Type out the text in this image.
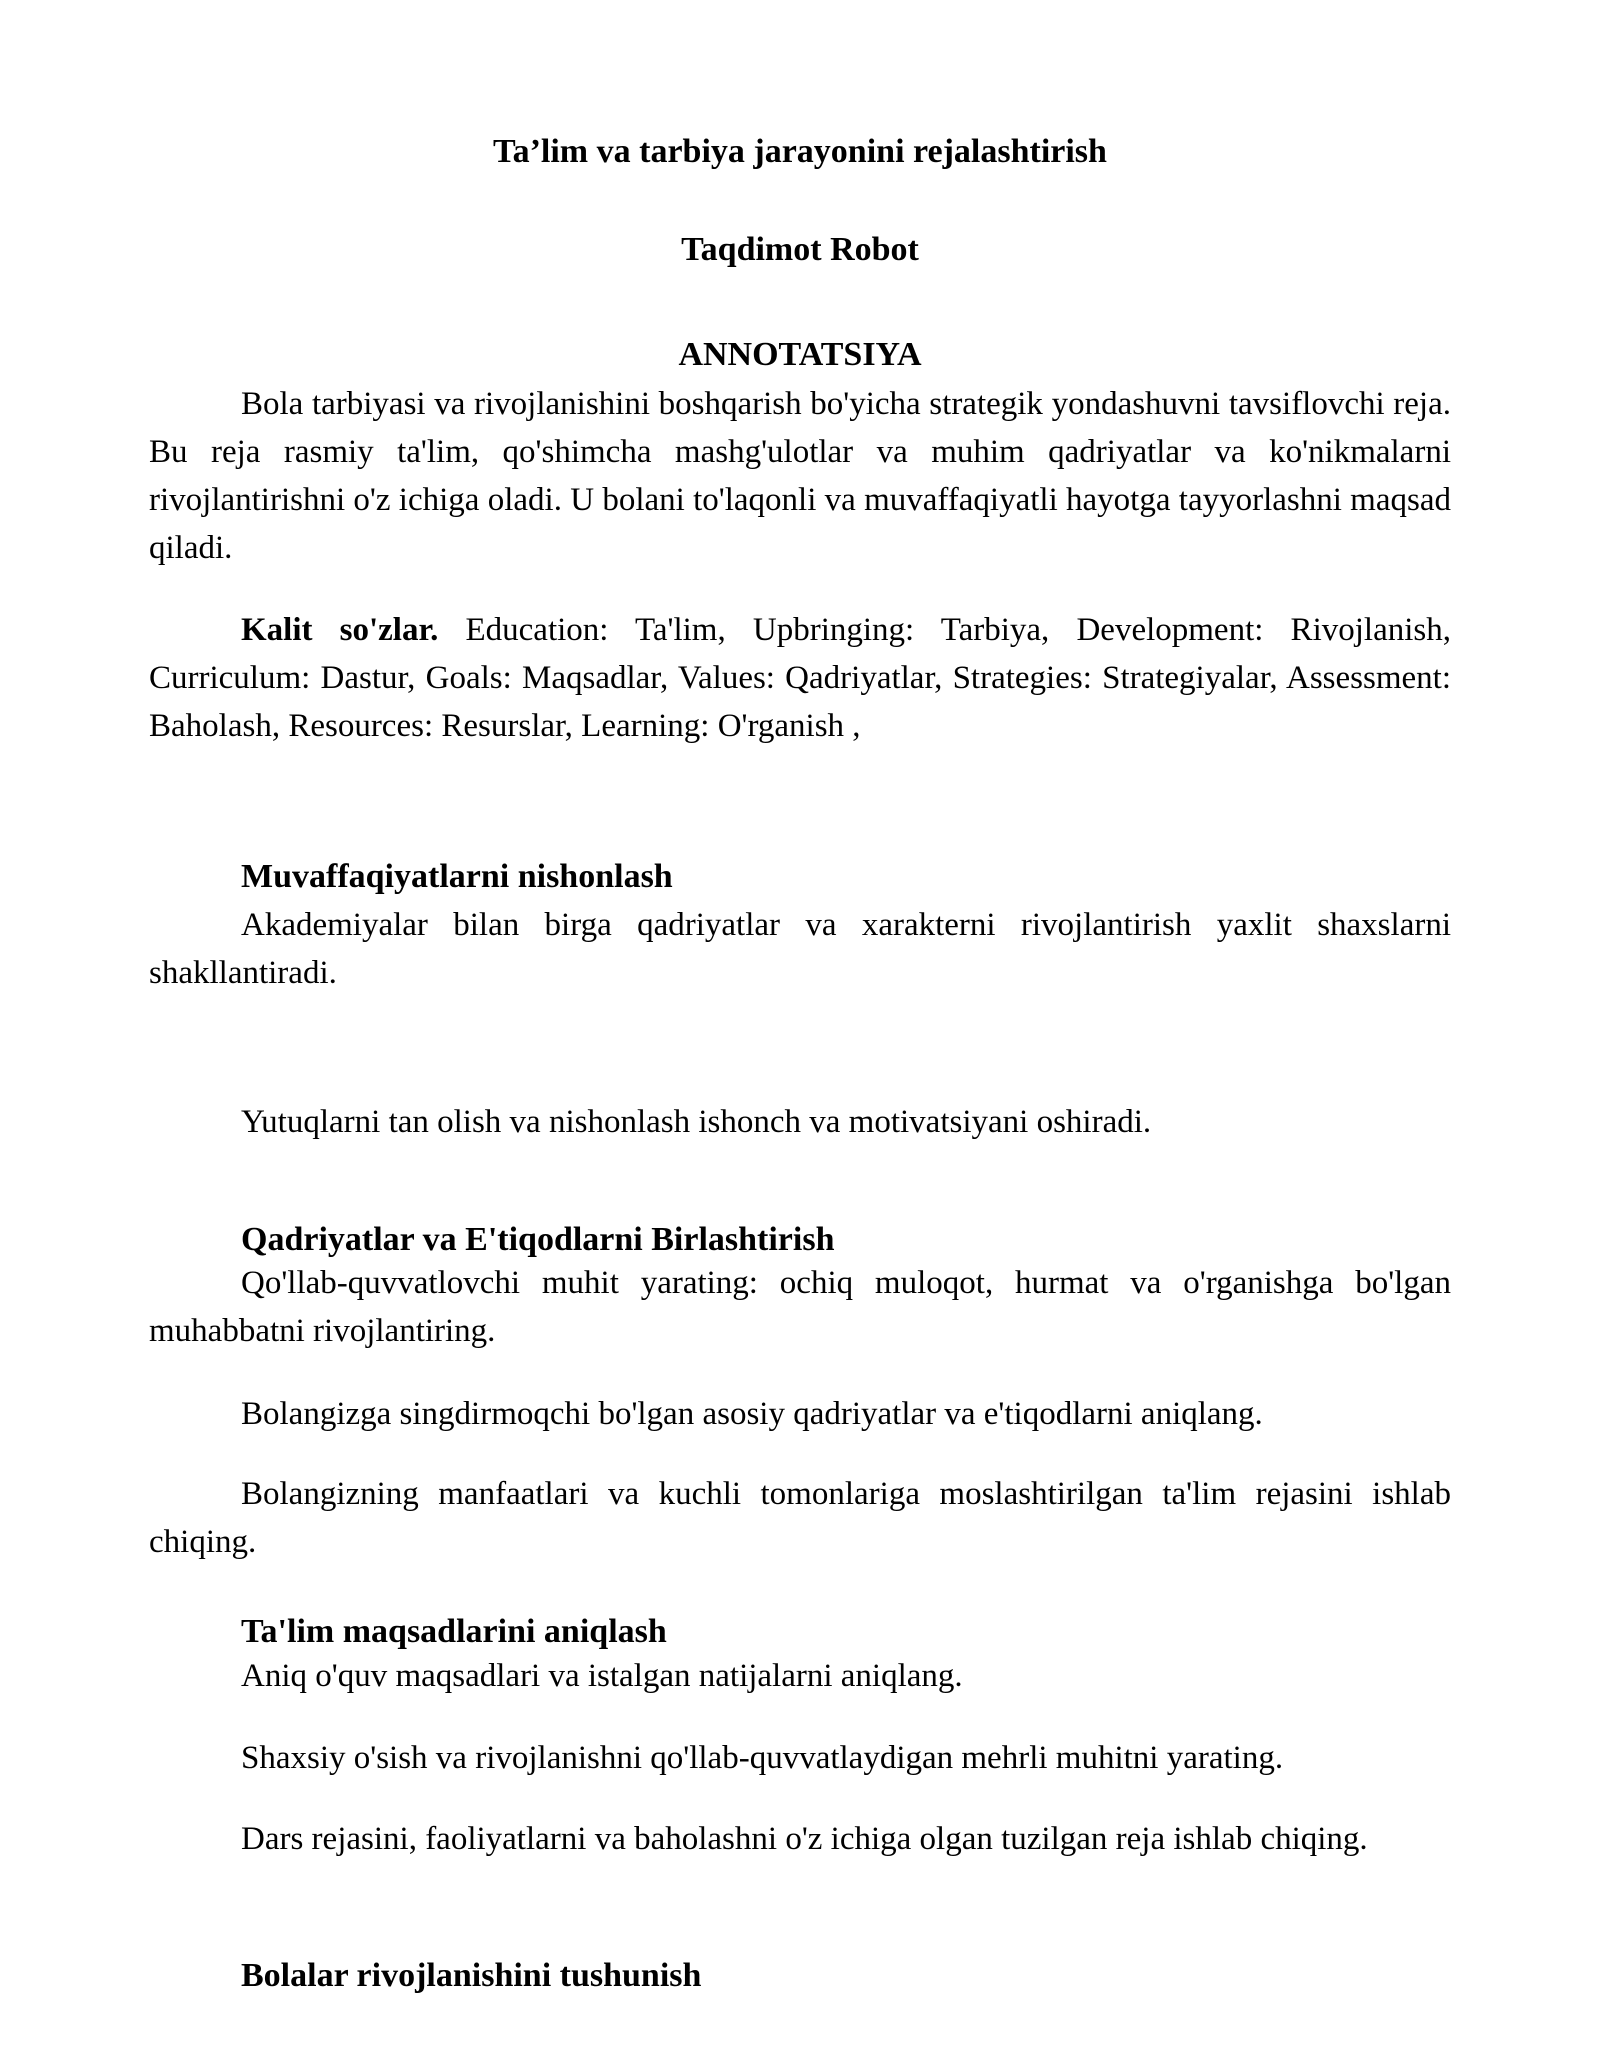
Ta’lim va tarbiya jarayonini rejalashtirish

Taqdimot Robot

ANNOTATSIYA

Bola tarbiyasi va rivojlanishini boshqarish bo'yicha strategik yondashuvni tavsiflovchi reja. Bu reja rasmiy ta'lim, qo'shimcha mashg'ulotlar va muhim qadriyatlar va ko'nikmalarni rivojlantirishni o'z ichiga oladi. U bolani to'laqonli va muvaffaqiyatli hayotga tayyorlashni maqsad qiladi.

Kalit so'zlar. Education: Ta'lim, Upbringing: Tarbiya, Development: Rivojlanish, Curriculum: Dastur, Goals: Maqsadlar, Values: Qadriyatlar, Strategies: Strategiyalar, Assessment: Baholash, Resources: Resurslar, Learning: O'rganish ,

Muvaffaqiyatlarni nishonlash

Akademiyalar bilan birga qadriyatlar va xarakterni rivojlantirish yaxlit shaxslarni shakllantiradi.

Yutuqlarni tan olish va nishonlash ishonch va motivatsiyani oshiradi.

Qadriyatlar va E'tiqodlarni Birlashtirish

Qo'llab-quvvatlovchi muhit yarating: ochiq muloqot, hurmat va o'rganishga bo'lgan muhabbatni rivojlantiring.

Bolangizga singdirmoqchi bo'lgan asosiy qadriyatlar va e'tiqodlarni aniqlang.

Bolangizning manfaatlari va kuchli tomonlariga moslashtirilgan ta'lim rejasini ishlab chiqing.

Ta'lim maqsadlarini aniqlash

Aniq o'quv maqsadlari va istalgan natijalarni aniqlang.

Shaxsiy o'sish va rivojlanishni qo'llab-quvvatlaydigan mehrli muhitni yarating.

Dars rejasini, faoliyatlarni va baholashni o'z ichiga olgan tuzilgan reja ishlab chiqing.

Bolalar rivojlanishini tushunish
